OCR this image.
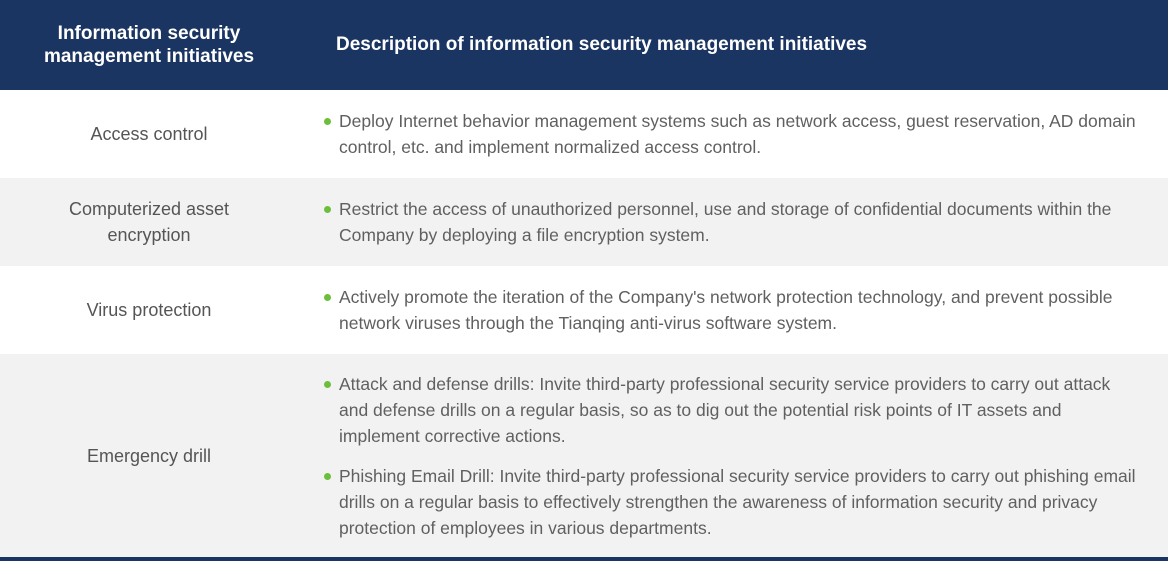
Information security management initiatives
Description of information security management initiatives
Access control
Deploy Internet behavior management systems such as network access, guest reservation, AD domain control, etc. and implement normalized access control.
Computerized asset encryption
Restrict the access of unauthorized personnel, use and storage of confidential documents within the Company by deploying a file encryption system.
Virus protection
Actively promote the iteration of the Company's network protection technology, and prevent possible network viruses through the Tianqing anti-virus software system.
Emergency drill
Attack and defense drills: Invite third-party professional security service providers to carry out attack and defense drills on a regular basis, so as to dig out the potential risk points of IT assets and implement corrective actions.
Phishing Email Drill: Invite third-party professional security service providers to carry out phishing email drills on a regular basis to effectively strengthen the awareness of information security and privacy protection of employees in various departments.
